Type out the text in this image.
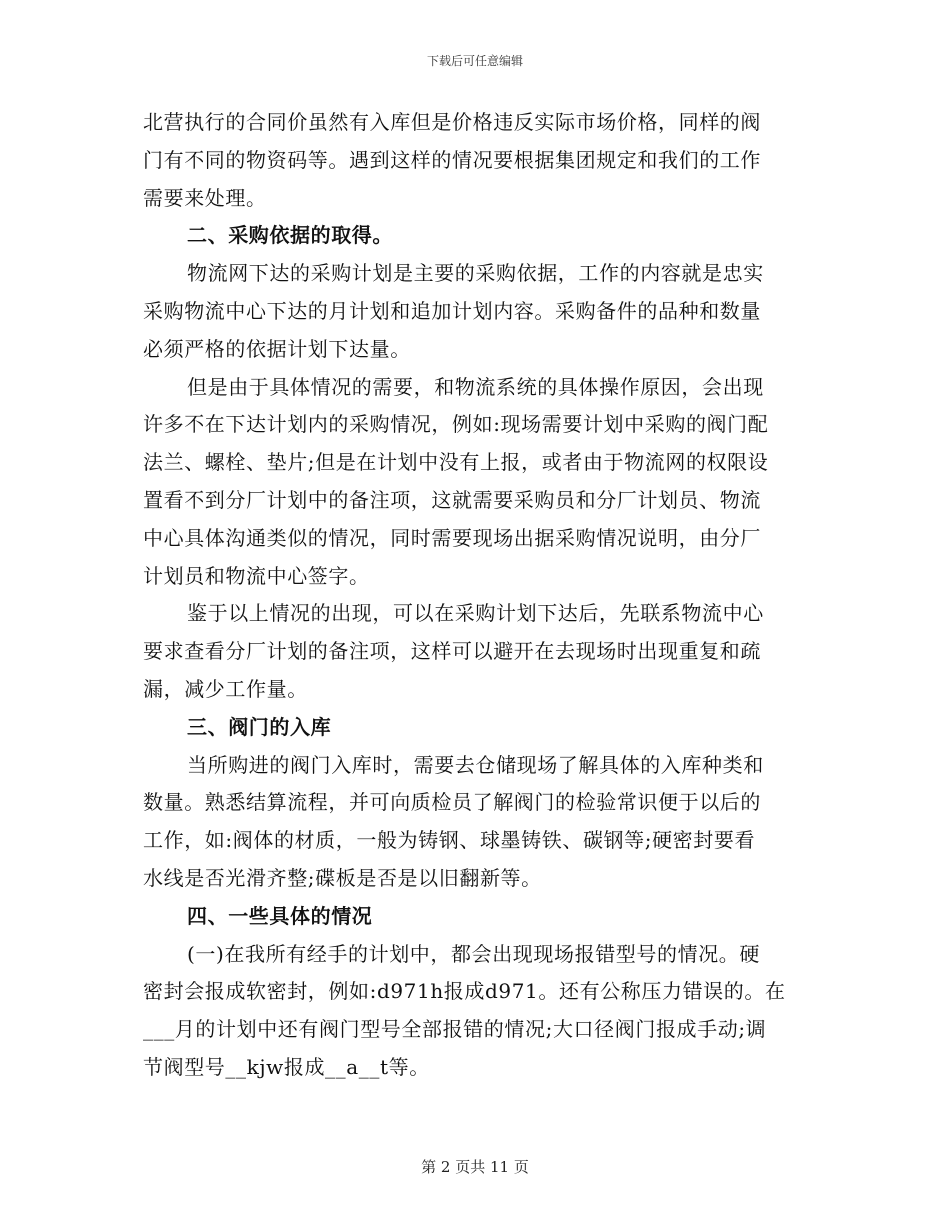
下载后可任意编辑
北营执行的合同价虽然有入库但是价格违反实际市场价格，同样的阀
门有不同的物资码等。遇到这样的情况要根据集团规定和我们的工作
需要来处理。
二、采购依据的取得。
物流网下达的采购计划是主要的采购依据，工作的内容就是忠实
采购物流中心下达的月计划和追加计划内容。采购备件的品种和数量
必须严格的依据计划下达量。
但是由于具体情况的需要，和物流系统的具体操作原因，会出现
许多不在下达计划内的采购情况，例如:现场需要计划中采购的阀门配
法兰、螺栓、垫片;但是在计划中没有上报，或者由于物流网的权限设
置看不到分厂计划中的备注项，这就需要采购员和分厂计划员、物流
中心具体沟通类似的情况，同时需要现场出据采购情况说明，由分厂
计划员和物流中心签字。
鉴于以上情况的出现，可以在采购计划下达后，先联系物流中心
要求查看分厂计划的备注项，这样可以避开在去现场时出现重复和疏
漏，减少工作量。
三、阀门的入库
当所购进的阀门入库时，需要去仓储现场了解具体的入库种类和
数量。熟悉结算流程，并可向质检员了解阀门的检验常识便于以后的
工作，如:阀体的材质，一般为铸钢、球墨铸铁、碳钢等;硬密封要看
水线是否光滑齐整;碟板是否是以旧翻新等。
四、一些具体的情况
(一)在我所有经手的计划中，都会出现现场报错型号的情况。硬
密封会报成软密封，例如:d971h报成d971。还有公称压力错误的。在
___月的计划中还有阀门型号全部报错的情况;大口径阀门报成手动;调
节阀型号__kjw报成__a__t等。
第 2 页共 11 页
